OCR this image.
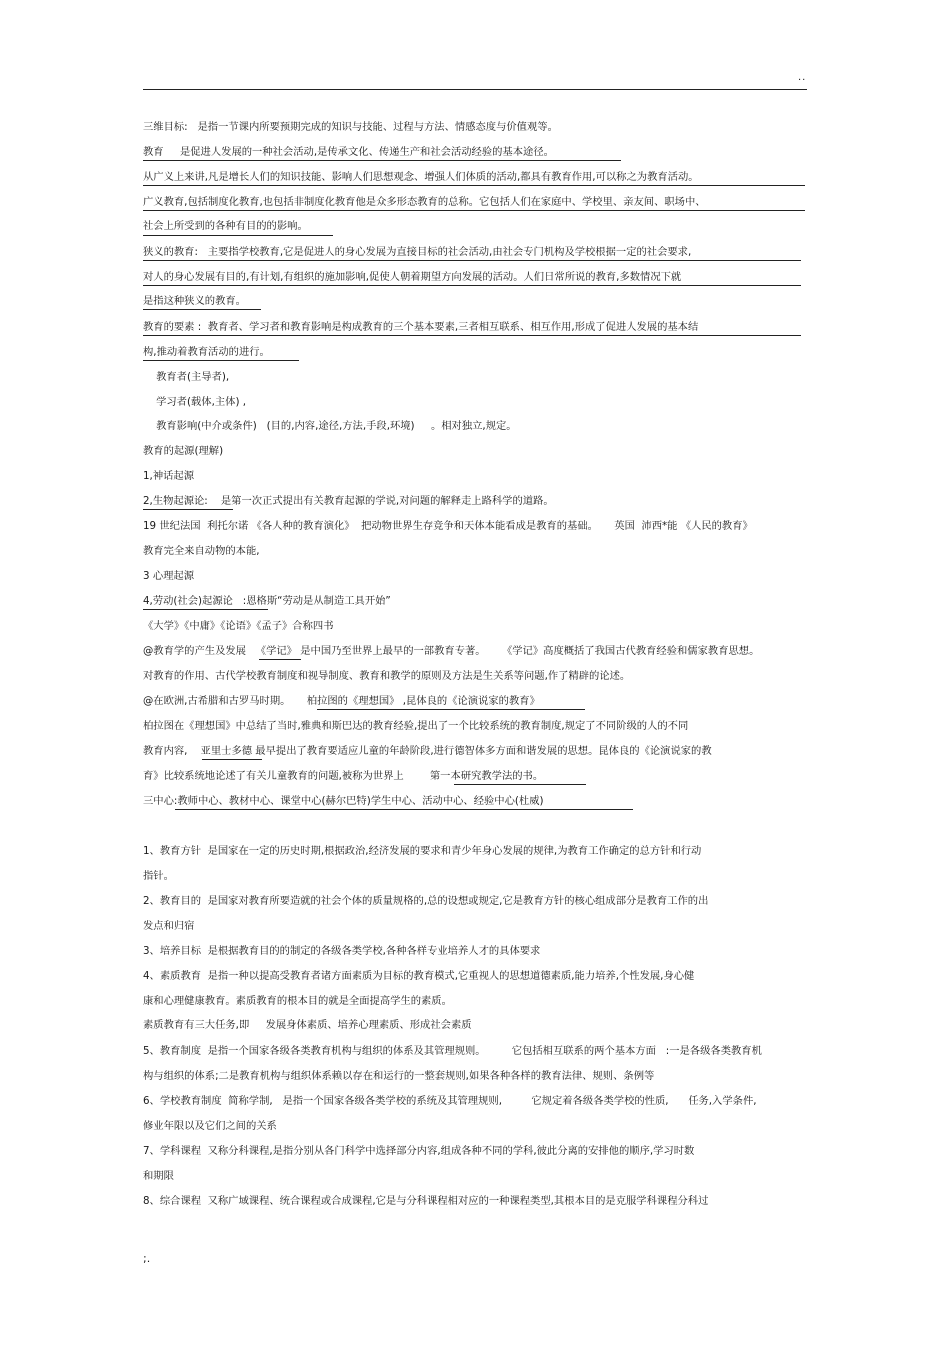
..
三维目标:   是指一节课内所要预期完成的知识与技能、过程与方法、情感态度与价值观等。
教育     是促进人发展的一种社会活动,是传承文化、传递生产和社会活动经验的基本途径。
从广义上来讲,凡是增长人们的知识技能、影响人们思想观念、增强人们体质的活动,都具有教育作用,可以称之为教育活动。
广义教育,包括制度化教育,也包括非制度化教育他是众多形态教育的总称。它包括人们在家庭中、学校里、亲友间、职场中、
社会上所受到的各种有目的的影响。
狭义的教育:   主要指学校教育,它是促进人的身心发展为直接目标的社会活动,由社会专门机构及学校根据一定的社会要求,
对人的身心发展有目的,有计划,有组织的施加影响,促使人朝着期望方向发展的活动。人们日常所说的教育,多数情况下就
是指这种狭义的教育。
教育的要素 :  教育者、学习者和教育影响是构成教育的三个基本要素,三者相互联系、相互作用,形成了促进人发展的基本结
构,推动着教育活动的进行。
教育者(主导者),
学习者(载体,主体) ,
教育影响(中介或条件)   (目的,内容,途径,方法,手段,环境)     。相对独立,规定。
教育的起源(理解)
1,神话起源
2,生物起源论:    是第一次正式提出有关教育起源的学说,对问题的解释走上路科学的道路。
19 世纪法国  利托尔诺 《各人种的教育演化》  把动物世界生存竞争和天体本能看成是教育的基础。     英国  沛西*能 《人民的教育》
教育完全来自动物的本能,
3 心理起源
4,劳动(社会)起源论   :恩格斯“劳动是从制造工具开始”
《大学》《中庸》《论语》《孟子》合称四书
@教育学的产生及发展   《学记》 是中国乃至世界上最早的一部教育专著。     《学记》高度概括了我国古代教育经验和儒家教育思想。
对教育的作用、古代学校教育制度和视导制度、教育和教学的原则及方法是生关系等问题,作了精辟的论述。
@在欧洲,古希腊和古罗马时期。     柏拉图的《理想国》 ,昆体良的《论演说家的教育》
柏拉图在《理想国》中总结了当时,雅典和斯巴达的教育经验,提出了一个比较系统的教育制度,规定了不同阶级的人的不同
教育内容,    亚里士多德 最早提出了教育要适应儿童的年龄阶段,进行德智体多方面和谐发展的思想。昆体良的《论演说家的教
育》比较系统地论述了有关儿童教育的问题,被称为世界上        第一本研究教学法的书。
三中心:教师中心、教材中心、课堂中心(赫尔巴特)学生中心、活动中心、经验中心(杜威)
1、教育方针  是国家在一定的历史时期,根据政治,经济发展的要求和青少年身心发展的规律,为教育工作确定的总方针和行动
指针。
2、教育目的  是国家对教育所要造就的社会个体的质量规格的,总的设想或规定,它是教育方针的核心组成部分是教育工作的出
发点和归宿
3、培养目标  是根据教育目的的制定的各级各类学校,各种各样专业培养人才的具体要求
4、素质教育  是指一种以提高受教育者诸方面素质为目标的教育模式,它重视人的思想道德素质,能力培养,个性发展,身心健
康和心理健康教育。素质教育的根本目的就是全面提高学生的素质。
素质教育有三大任务,即     发展身体素质、培养心理素质、形成社会素质
5、教育制度  是指一个国家各级各类教育机构与组织的体系及其管理规则。        它包括相互联系的两个基本方面   :一是各级各类教育机
构与组织的体系;二是教育机构与组织体系赖以存在和运行的一整套规则,如果各种各样的教育法律、规则、条例等
6、学校教育制度  简称学制,   是指一个国家各级各类学校的系统及其管理规则,         它规定着各级各类学校的性质,      任务,入学条件,
修业年限以及它们之间的关系
7、学科课程  又称分科课程,是指分别从各门科学中选择部分内容,组成各种不同的学科,彼此分离的安排他的顺序,学习时数
和期限
8、综合课程  又称广域课程、统合课程或合成课程,它是与分科课程相对应的一种课程类型,其根本目的是克服学科课程分科过
;.
